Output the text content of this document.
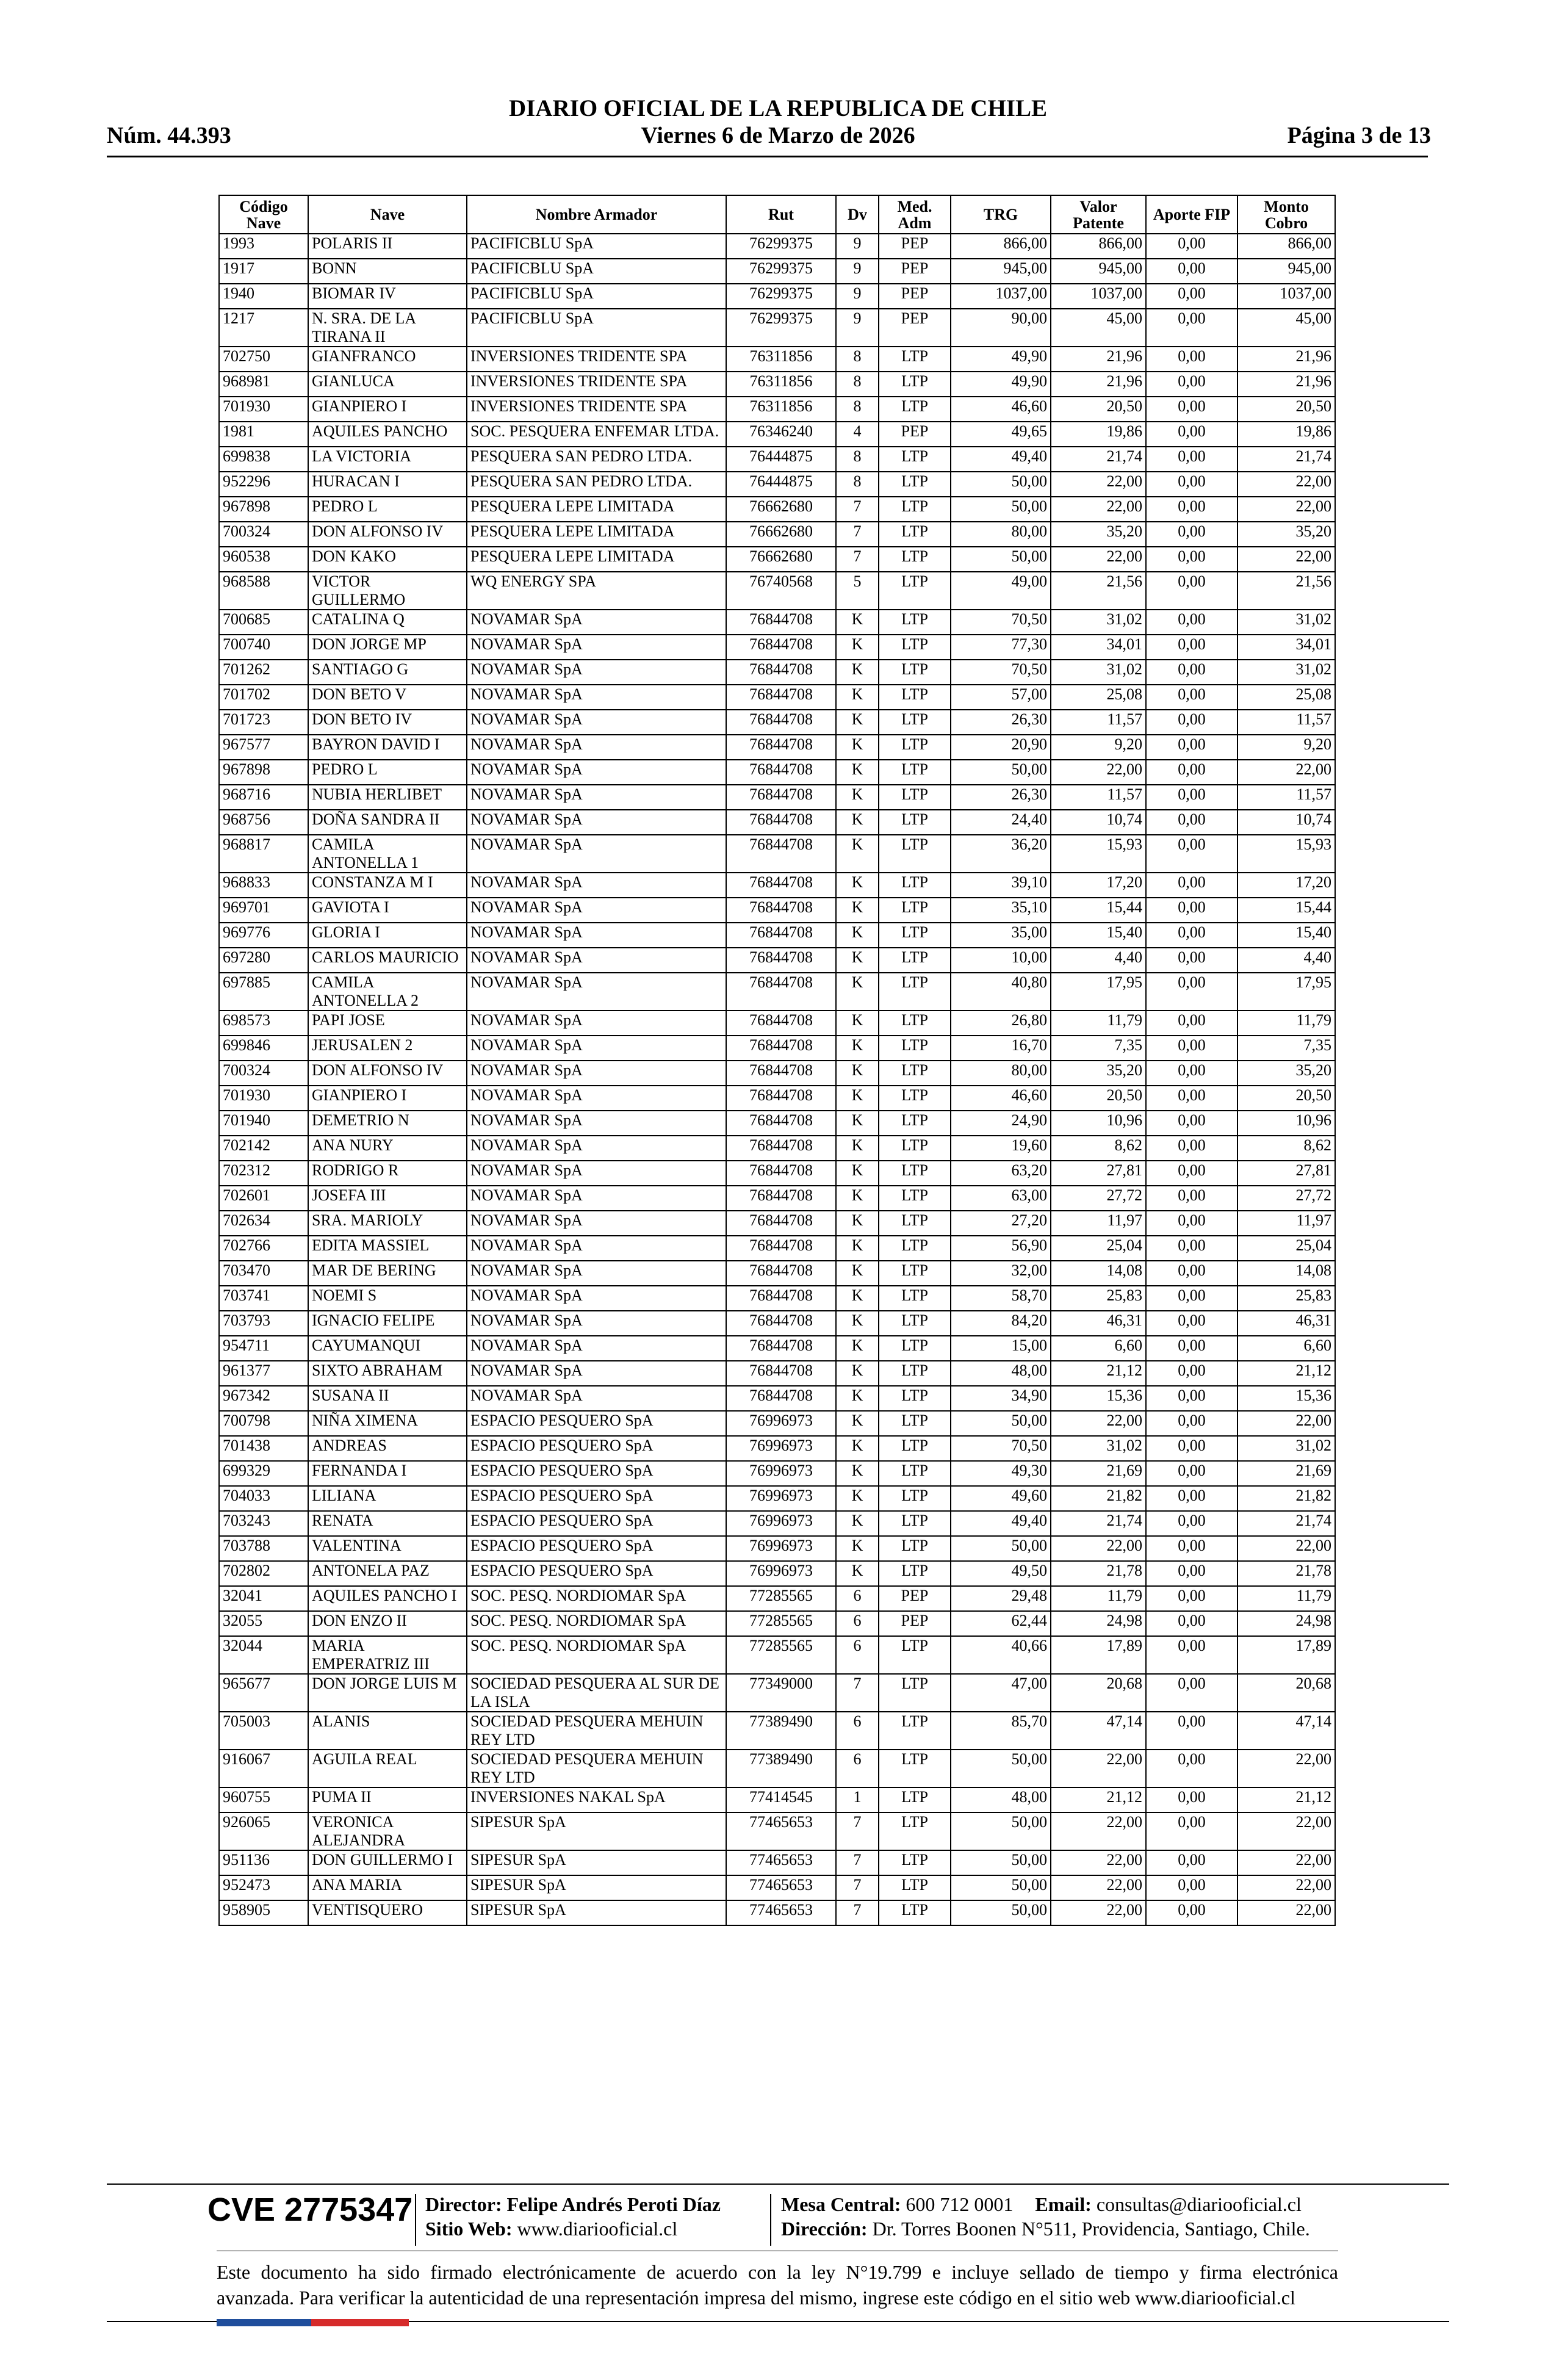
DIARIO OFICIAL DE LA REPUBLICA DE CHILE
Núm. 44.393	Viernes 6 de Marzo de 2026	Página 3 de 13
Código Nave	Nave	Nombre Armador	Rut	Dv	Med. Adm	TRG	Valor Patente	Aporte FIP	Monto Cobro
1993	POLARIS II	PACIFICBLU SpA	76299375	9	PEP	866,00	866,00	0,00	866,00
1917	BONN	PACIFICBLU SpA	76299375	9	PEP	945,00	945,00	0,00	945,00
1940	BIOMAR IV	PACIFICBLU SpA	76299375	9	PEP	1037,00	1037,00	0,00	1037,00
1217	N. SRA. DE LA TIRANA II	PACIFICBLU SpA	76299375	9	PEP	90,00	45,00	0,00	45,00
702750	GIANFRANCO	INVERSIONES TRIDENTE SPA	76311856	8	LTP	49,90	21,96	0,00	21,96
968981	GIANLUCA	INVERSIONES TRIDENTE SPA	76311856	8	LTP	49,90	21,96	0,00	21,96
701930	GIANPIERO I	INVERSIONES TRIDENTE SPA	76311856	8	LTP	46,60	20,50	0,00	20,50
1981	AQUILES PANCHO	SOC. PESQUERA ENFEMAR LTDA.	76346240	4	PEP	49,65	19,86	0,00	19,86
699838	LA VICTORIA	PESQUERA SAN PEDRO LTDA.	76444875	8	LTP	49,40	21,74	0,00	21,74
952296	HURACAN I	PESQUERA SAN PEDRO LTDA.	76444875	8	LTP	50,00	22,00	0,00	22,00
967898	PEDRO L	PESQUERA LEPE LIMITADA	76662680	7	LTP	50,00	22,00	0,00	22,00
700324	DON ALFONSO IV	PESQUERA LEPE LIMITADA	76662680	7	LTP	80,00	35,20	0,00	35,20
960538	DON KAKO	PESQUERA LEPE LIMITADA	76662680	7	LTP	50,00	22,00	0,00	22,00
968588	VICTOR GUILLERMO	WQ ENERGY SPA	76740568	5	LTP	49,00	21,56	0,00	21,56
700685	CATALINA Q	NOVAMAR SpA	76844708	K	LTP	70,50	31,02	0,00	31,02
700740	DON JORGE MP	NOVAMAR SpA	76844708	K	LTP	77,30	34,01	0,00	34,01
701262	SANTIAGO G	NOVAMAR SpA	76844708	K	LTP	70,50	31,02	0,00	31,02
701702	DON BETO V	NOVAMAR SpA	76844708	K	LTP	57,00	25,08	0,00	25,08
701723	DON BETO IV	NOVAMAR SpA	76844708	K	LTP	26,30	11,57	0,00	11,57
967577	BAYRON DAVID I	NOVAMAR SpA	76844708	K	LTP	20,90	9,20	0,00	9,20
967898	PEDRO L	NOVAMAR SpA	76844708	K	LTP	50,00	22,00	0,00	22,00
968716	NUBIA HERLIBET	NOVAMAR SpA	76844708	K	LTP	26,30	11,57	0,00	11,57
968756	DOÑA SANDRA II	NOVAMAR SpA	76844708	K	LTP	24,40	10,74	0,00	10,74
968817	CAMILA ANTONELLA 1	NOVAMAR SpA	76844708	K	LTP	36,20	15,93	0,00	15,93
968833	CONSTANZA M I	NOVAMAR SpA	76844708	K	LTP	39,10	17,20	0,00	17,20
969701	GAVIOTA I	NOVAMAR SpA	76844708	K	LTP	35,10	15,44	0,00	15,44
969776	GLORIA I	NOVAMAR SpA	76844708	K	LTP	35,00	15,40	0,00	15,40
697280	CARLOS MAURICIO	NOVAMAR SpA	76844708	K	LTP	10,00	4,40	0,00	4,40
697885	CAMILA ANTONELLA 2	NOVAMAR SpA	76844708	K	LTP	40,80	17,95	0,00	17,95
698573	PAPI JOSE	NOVAMAR SpA	76844708	K	LTP	26,80	11,79	0,00	11,79
699846	JERUSALEN 2	NOVAMAR SpA	76844708	K	LTP	16,70	7,35	0,00	7,35
700324	DON ALFONSO IV	NOVAMAR SpA	76844708	K	LTP	80,00	35,20	0,00	35,20
701930	GIANPIERO I	NOVAMAR SpA	76844708	K	LTP	46,60	20,50	0,00	20,50
701940	DEMETRIO N	NOVAMAR SpA	76844708	K	LTP	24,90	10,96	0,00	10,96
702142	ANA NURY	NOVAMAR SpA	76844708	K	LTP	19,60	8,62	0,00	8,62
702312	RODRIGO R	NOVAMAR SpA	76844708	K	LTP	63,20	27,81	0,00	27,81
702601	JOSEFA III	NOVAMAR SpA	76844708	K	LTP	63,00	27,72	0,00	27,72
702634	SRA. MARIOLY	NOVAMAR SpA	76844708	K	LTP	27,20	11,97	0,00	11,97
702766	EDITA MASSIEL	NOVAMAR SpA	76844708	K	LTP	56,90	25,04	0,00	25,04
703470	MAR DE BERING	NOVAMAR SpA	76844708	K	LTP	32,00	14,08	0,00	14,08
703741	NOEMI S	NOVAMAR SpA	76844708	K	LTP	58,70	25,83	0,00	25,83
703793	IGNACIO FELIPE	NOVAMAR SpA	76844708	K	LTP	84,20	46,31	0,00	46,31
954711	CAYUMANQUI	NOVAMAR SpA	76844708	K	LTP	15,00	6,60	0,00	6,60
961377	SIXTO ABRAHAM	NOVAMAR SpA	76844708	K	LTP	48,00	21,12	0,00	21,12
967342	SUSANA II	NOVAMAR SpA	76844708	K	LTP	34,90	15,36	0,00	15,36
700798	NIÑA XIMENA	ESPACIO PESQUERO SpA	76996973	K	LTP	50,00	22,00	0,00	22,00
701438	ANDREAS	ESPACIO PESQUERO SpA	76996973	K	LTP	70,50	31,02	0,00	31,02
699329	FERNANDA I	ESPACIO PESQUERO SpA	76996973	K	LTP	49,30	21,69	0,00	21,69
704033	LILIANA	ESPACIO PESQUERO SpA	76996973	K	LTP	49,60	21,82	0,00	21,82
703243	RENATA	ESPACIO PESQUERO SpA	76996973	K	LTP	49,40	21,74	0,00	21,74
703788	VALENTINA	ESPACIO PESQUERO SpA	76996973	K	LTP	50,00	22,00	0,00	22,00
702802	ANTONELA PAZ	ESPACIO PESQUERO SpA	76996973	K	LTP	49,50	21,78	0,00	21,78
32041	AQUILES PANCHO I	SOC. PESQ. NORDIOMAR SpA	77285565	6	PEP	29,48	11,79	0,00	11,79
32055	DON ENZO II	SOC. PESQ. NORDIOMAR SpA	77285565	6	PEP	62,44	24,98	0,00	24,98
32044	MARIA EMPERATRIZ III	SOC. PESQ. NORDIOMAR SpA	77285565	6	LTP	40,66	17,89	0,00	17,89
965677	DON JORGE LUIS M	SOCIEDAD PESQUERA AL SUR DE LA ISLA	77349000	7	LTP	47,00	20,68	0,00	20,68
705003	ALANIS	SOCIEDAD PESQUERA MEHUIN REY LTD	77389490	6	LTP	85,70	47,14	0,00	47,14
916067	AGUILA REAL	SOCIEDAD PESQUERA MEHUIN REY LTD	77389490	6	LTP	50,00	22,00	0,00	22,00
960755	PUMA II	INVERSIONES NAKAL SpA	77414545	1	LTP	48,00	21,12	0,00	21,12
926065	VERONICA ALEJANDRA	SIPESUR SpA	77465653	7	LTP	50,00	22,00	0,00	22,00
951136	DON GUILLERMO I	SIPESUR SpA	77465653	7	LTP	50,00	22,00	0,00	22,00
952473	ANA MARIA	SIPESUR SpA	77465653	7	LTP	50,00	22,00	0,00	22,00
958905	VENTISQUERO	SIPESUR SpA	77465653	7	LTP	50,00	22,00	0,00	22,00
CVE 2775347 Director: Felipe Andrés Peroti Díaz
Sitio Web: www.diariooficial.cl
Mesa Central: 600 712 0001 Email: consultas@diariooficial.cl
Dirección: Dr. Torres Boonen N°511, Providencia, Santiago, Chile.

Este documento ha sido firmado electrónicamente de acuerdo con la ley N°19.799 e incluye sellado de tiempo y firma electrónica

avanzada. Para verificar la autenticidad de una representación impresa del mismo, ingrese este código en el sitio web www.diariooficial.cl
